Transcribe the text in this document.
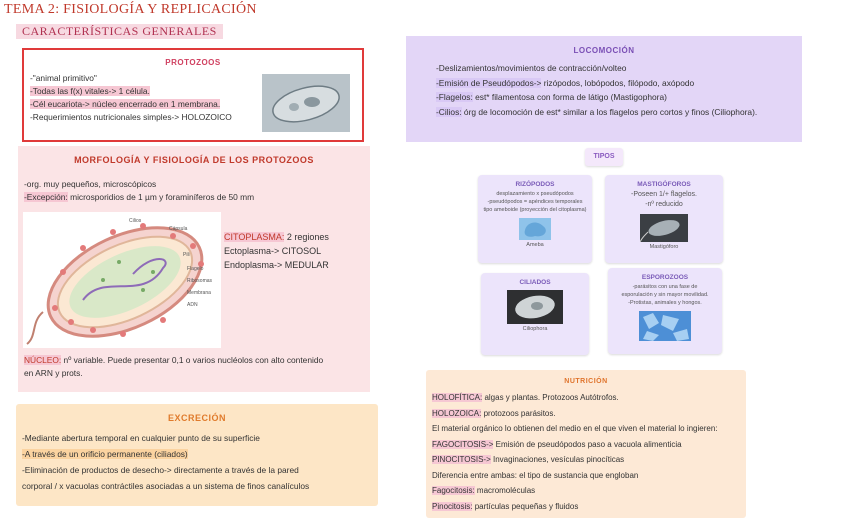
TEMA 2: FISIOLOGÍA Y REPLICACIÓN
CARACTERÍSTICAS GENERALES
PROTOZOOS
-"animal primitivo"
-Todas las f(x) vitales-> 1 célula.
-Cél eucariota-> núcleo encerrado en 1 membrana.
-Requerimientos nutricionales simples-> HOLOZOICO
MORFOLOGÍA Y FISIOLOGÍA DE LOS PROTOZOOS
-org. muy pequeños, microscópicos
-Excepción: microsporidios de 1 µm y foraminíferos de 50 mm
Cilios
Cápsula
Pili
Flagelo
Ribosomas
Membrana
ADN
CITOPLASMA: 2 regiones
Ectoplasma-> CITOSOL
Endoplasma-> MEDULAR
NÚCLEO: nº variable. Puede presentar 0,1 o varios nucléolos con alto contenido
en ARN y prots.
EXCRECIÓN
-Mediante abertura temporal en cualquier punto de su superficie
-A través de un orificio permanente (ciliados)
-Eliminación de productos de desecho-> directamente a través de la pared
corporal / x vacuolas contráctiles asociadas a un sistema de finos canalículos
LOCOMOCIÓN
-Deslizamientos/movimientos de contracción/volteo
-Emisión de Pseudópodos-> rizópodos, lobópodos, filópodo, axópodo
-Flagelos: est* filamentosa con forma de látigo (Mastigophora)
-Cilios: órg de locomoción de est* similar a los flagelos pero cortos y finos (Ciliophora).
TIPOS
RIZÓPODOS
desplazamiento x pseudópodos
-pseudópodos = apéndices temporales
tipo ameboide (proyección del citoplasma)
Ameba
MASTIGÓFOROS
-Poseen 1/+ flagelos.
-nº reducido
Mastigóforo
CILIADOS
Ciliophora
ESPOROZOOS
-parásitos con una fase de
esporulación y sin mayor movilidad.
-Protistas, animales y hongos.
NUTRICIÓN
HOLOFÍTICA: algas y plantas. Protozoos Autótrofos.
HOLOZOICA: protozoos parásitos.
El material orgánico lo obtienen del medio en el que viven el material lo ingieren:
FAGOCITOSIS-> Emisión de pseudópodos paso a vacuola alimenticia
PINOCITOSIS-> Invaginaciones, vesículas pinocíticas
Diferencia entre ambas: el tipo de sustancia que engloban
Fagocitosis: macromoléculas
Pinocitosis: partículas pequeñas y fluidos
